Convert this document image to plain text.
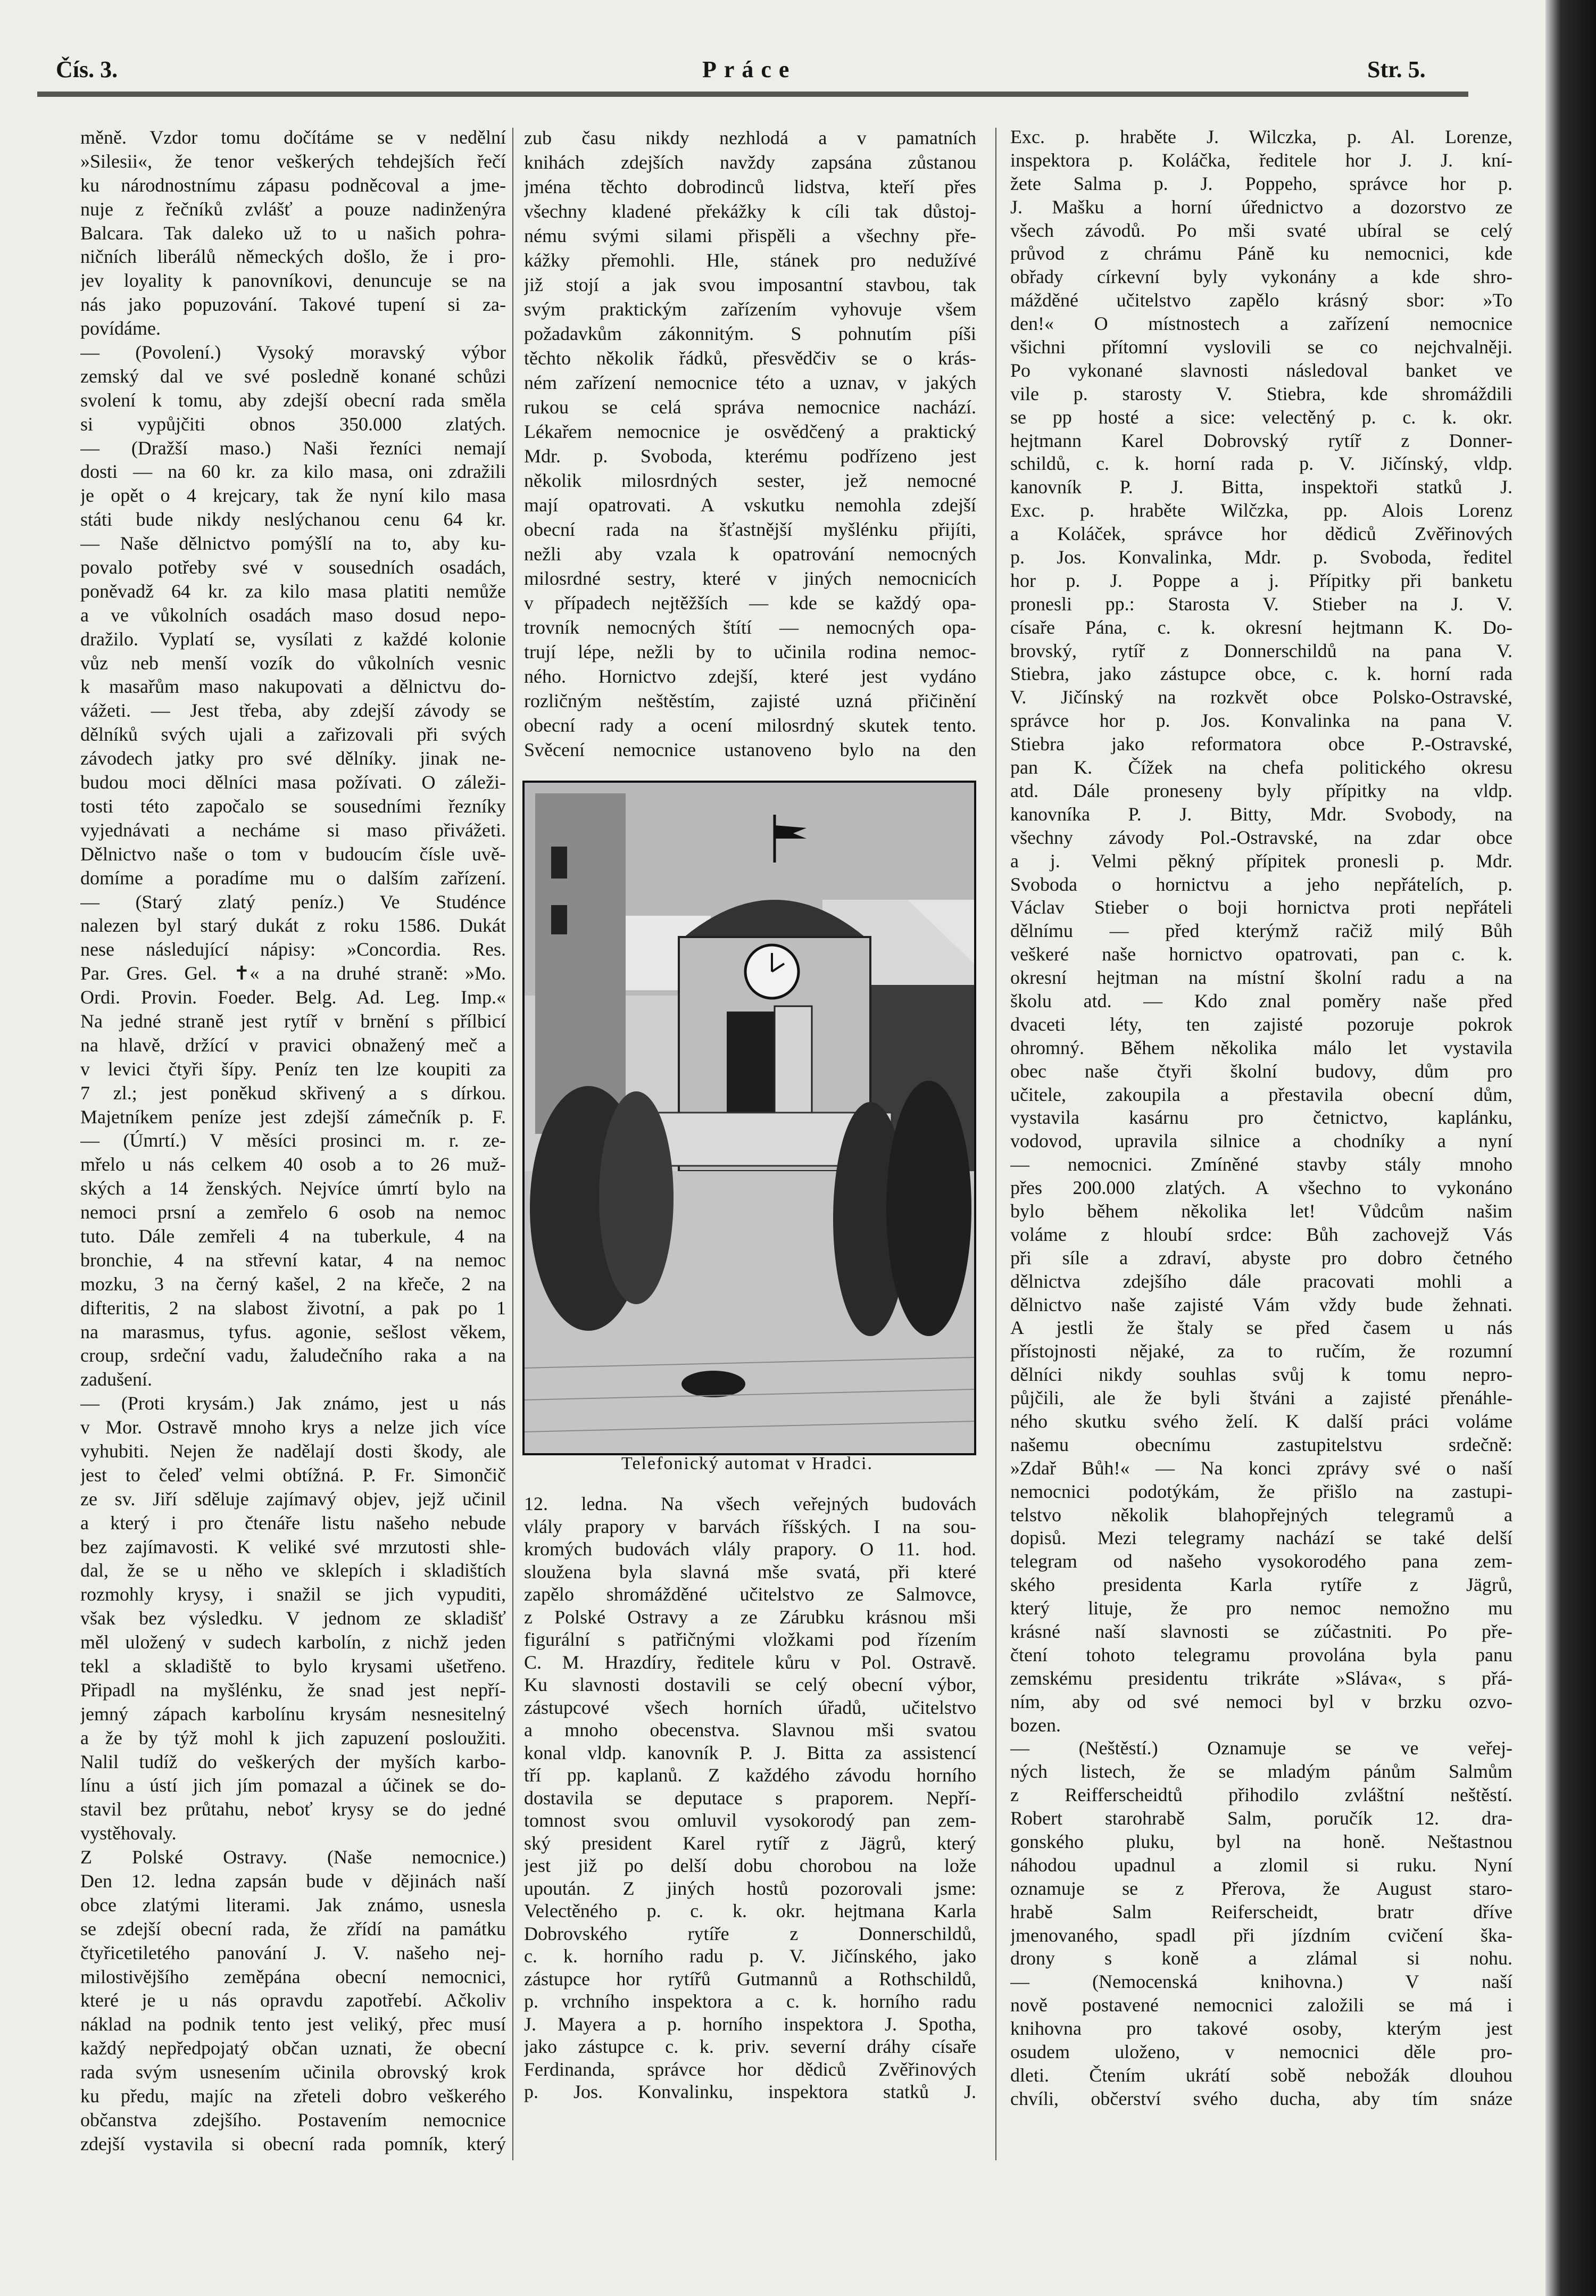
Čís. 3.	Práce	Str. 5.
měně. Vzdor tomu dočítáme se v nedělní
»Silesii«, že tenor veškerých tehdejších řečí
ku národnostnímu zápasu podněcoval a jme-
nuje z řečníků zvlášť a pouze nadinženýra
Balcara. Tak daleko už to u našich pohra-
ničních liberálů německých došlo, že i pro-
jev loyality k panovníkovi, denuncuje se na
nás jako popuzování. Takové tupení si za-
povídáme.
— (Povolení.) Vysoký moravský výbor
zemský dal ve své posledně konané schůzi
svolení k tomu, aby zdejší obecní rada směla
si vypůjčiti obnos 350.000 zlatých.
— (Dražší maso.) Naši řezníci nemají
dosti — na 60 kr. za kilo masa, oni zdražili
je opět o 4 krejcary, tak že nyní kilo masa
státi bude nikdy neslýchanou cenu 64 kr.
— Naše dělnictvo pomýšlí na to, aby ku-
povalo potřeby své v sousedních osadách,
poněvadž 64 kr. za kilo masa platiti nemůže
a ve vůkolních osadách maso dosud nepo-
dražilo. Vyplatí se, vysílati z každé kolonie
vůz neb menší vozík do vůkolních vesnic
k masařům maso nakupovati a dělnictvu do-
vážeti. — Jest třeba, aby zdejší závody se
dělníků svých ujali a zařizovali při svých
závodech jatky pro své dělníky. jinak ne-
budou moci dělníci masa požívati. O záleži-
tosti této započalo se sousedními řezníky
vyjednávati a necháme si maso přivážeti.
Dělnictvo naše o tom v budoucím čísle uvě-
domíme a poradíme mu o dalším zařízení.
— (Starý zlatý peníz.) Ve Studénce
nalezen byl starý dukát z roku 1586. Dukát
nese následující nápisy: »Concordia. Res.
Par. Gres. Gel. ✝« a na druhé straně: »Mo.
Ordi. Provin. Foeder. Belg. Ad. Leg. Imp.«
Na jedné straně jest rytíř v brnění s přílbicí
na hlavě, držící v pravici obnažený meč a
v levici čtyři šípy. Peníz ten lze koupiti za
7 zl.; jest poněkud skřivený a s dírkou.
Majetníkem peníze jest zdejší zámečník p. F.
— (Úmrtí.) V měsíci prosinci m. r. ze-
mřelo u nás celkem 40 osob a to 26 muž-
ských a 14 ženských. Nejvíce úmrtí bylo na
nemoci prsní a zemřelo 6 osob na nemoc
tuto. Dále zemřeli 4 na tuberkule, 4 na
bronchie, 4 na střevní katar, 4 na nemoc
mozku, 3 na černý kašel, 2 na křeče, 2 na
difteritis, 2 na slabost životní, a pak po 1
na marasmus, tyfus. agonie, sešlost věkem,
croup, srdeční vadu, žaludečního raka a na
zadušení.
— (Proti krysám.) Jak známo, jest u nás
v Mor. Ostravě mnoho krys a nelze jich více
vyhubiti. Nejen že nadělají dosti škody, ale
jest to čeleď velmi obtížná. P. Fr. Simončič
ze sv. Jiří sděluje zajímavý objev, jejž učinil
a který i pro čtenáře listu našeho nebude
bez zajímavosti. K veliké své mrzutosti shle-
dal, že se u něho ve sklepích i skladištích
rozmohly krysy, i snažil se jich vypuditi,
však bez výsledku. V jednom ze skladišť
měl uložený v sudech karbolín, z nichž jeden
tekl a skladiště to bylo krysami ušetřeno.
Připadl na myšlénku, že snad jest nepří-
jemný zápach karbolínu krysám nesnesitelný
a že by týž mohl k jich zapuzení posloužiti.
Nalil tudíž do veškerých der myších karbo-
línu a ústí jich jím pomazal a účinek se do-
stavil bez průtahu, neboť krysy se do jedné
vystěhovaly.
Z Polské Ostravy. (Naše nemocnice.)
Den 12. ledna zapsán bude v dějinách naší
obce zlatými literami. Jak známo, usnesla
se zdejší obecní rada, že zřídí na památku
čtyřicetiletého panování J. V. našeho nej-
milostivějšího zeměpána obecní nemocnici,
které je u nás opravdu zapotřebí. Ačkoliv
náklad na podnik tento jest veliký, přec musí
každý nepředpojatý občan uznati, že obecní
rada svým usnesením učinila obrovský krok
ku předu, majíc na zřeteli dobro veškerého
občanstva zdejšího. Postavením nemocnice
zdejší vystavila si obecní rada pomník, který
zub času nikdy nezhlodá a v pamatních
knihách zdejších navždy zapsána zůstanou
jména těchto dobrodinců lidstva, kteří přes
všechny kladené překážky k cíli tak důstoj-
nému svými silami přispěli a všechny pře-
kážky přemohli. Hle, stánek pro nedužívé
již stojí a jak svou imposantní stavbou, tak
svým praktickým zařízením vyhovuje všem
požadavkům zákonnitým. S pohnutím píši
těchto několik řádků, přesvědčiv se o krás-
ném zařízení nemocnice této a uznav, v jakých
rukou se celá správa nemocnice nachází.
Lékařem nemocnice je osvědčený a praktický
Mdr. p. Svoboda, kterému podřízeno jest
několik milosrdných sester, jež nemocné
mají opatrovati. A vskutku nemohla zdejší
obecní rada na šťastnější myšlénku přijíti,
nežli aby vzala k opatrování nemocných
milosrdné sestry, které v jiných nemocnicích
v případech nejtěžších — kde se každý opa-
trovník nemocných štítí — nemocných opa-
trují lépe, nežli by to učinila rodina nemoc-
ného. Hornictvo zdejší, které jest vydáno
rozličným neštěstím, zajisté uzná přičinění
obecní rady a ocení milosrdný skutek tento.
Svěcení nemocnice ustanoveno bylo na den
12. ledna. Na všech veřejných budovách
vlály prapory v barvách říšských. I na sou-
kromých budovách vlály prapory. O 11. hod.
sloužena byla slavná mše svatá, při které
zapělo shromážděné učitelstvo ze Salmovce,
z Polské Ostravy a ze Zárubku krásnou mši
figurální s patřičnými vložkami pod řízením
C. M. Hrazdíry, ředitele kůru v Pol. Ostravě.
Ku slavnosti dostavili se celý obecní výbor,
zástupcové všech horních úřadů, učitelstvo
a mnoho obecenstva. Slavnou mši svatou
konal vldp. kanovník P. J. Bitta za assistencí
tří pp. kaplanů. Z každého závodu horního
dostavila se deputace s praporem. Nepří-
tomnost svou omluvil vysokorodý pan zem-
ský president Karel rytíř z Jägrů, který
jest již po delší dobu chorobou na lože
upoután. Z jiných hostů pozorovali jsme:
Velectěného p. c. k. okr. hejtmana Karla
Dobrovského rytíře z Donnerschildů,
c. k. horního radu p. V. Jičínského, jako
zástupce hor rytířů Gutmannů a Rothschildů,
p. vrchního inspektora a c. k. horního radu
J. Mayera a p. horního inspektora J. Spotha,
jako zástupce c. k. priv. severní dráhy císaře
Ferdinanda, správce hor dědiců Zvěřinových
p. Jos. Konvalinku, inspektora statků J.
Exc. p. hraběte J. Wilczka, p. Al. Lorenze,
inspektora p. Koláčka, ředitele hor J. J. kní-
žete Salma p. J. Poppeho, správce hor p.
J. Mašku a horní úřednictvo a dozorstvo ze
všech závodů. Po mši svaté ubíral se celý
průvod z chrámu Páně ku nemocnici, kde
obřady církevní byly vykonány a kde shro-
mážděné učitelstvo zapělo krásný sbor: »To
den!« O místnostech a zařízení nemocnice
všichni přítomní vyslovili se co nejchvalněji.
Po vykonané slavnosti následoval banket ve
vile p. starosty V. Stiebra, kde shromáždili
se pp hosté a sice: velectěný p. c. k. okr.
hejtmann Karel Dobrovský rytíř z Donner-
schildů, c. k. horní rada p. V. Jičínský, vldp.
kanovník P. J. Bitta, inspektoři statků J.
Exc. p. hraběte Wilčzka, pp. Alois Lorenz
a Koláček, správce hor dědiců Zvěřinových
p. Jos. Konvalinka, Mdr. p. Svoboda, ředitel
hor p. J. Poppe a j. Přípitky při banketu
pronesli pp.: Starosta V. Stieber na J. V.
císaře Pána, c. k. okresní hejtmann K. Do-
brovský, rytíř z Donnerschildů na pana V.
Stiebra, jako zástupce obce, c. k. horní rada
V. Jičínský na rozkvět obce Polsko-Ostravské,
správce hor p. Jos. Konvalinka na pana V.
Stiebra jako reformatora obce P.-Ostravské,
pan K. Čížek na chefa politického okresu
atd. Dále proneseny byly přípitky na vldp.
kanovníka P. J. Bitty, Mdr. Svobody, na
všechny závody Pol.-Ostravské, na zdar obce
a j. Velmi pěkný přípitek pronesli p. Mdr.
Svoboda o hornictvu a jeho nepřátelích, p.
Václav Stieber o boji hornictva proti nepřáteli
dělnímu — před kterýmž račiž milý Bůh
veškeré naše hornictvo opatrovati, pan c. k.
okresní hejtman na místní školní radu a na
školu atd. — Kdo znal poměry naše před
dvaceti léty, ten zajisté pozoruje pokrok
ohromný. Během několika málo let vystavila
obec naše čtyři školní budovy, dům pro
učitele, zakoupila a přestavila obecní dům,
vystavila kasárnu pro četnictvo, kaplánku,
vodovod, upravila silnice a chodníky a nyní
— nemocnici. Zmíněné stavby stály mnoho
přes 200.000 zlatých. A všechno to vykonáno
bylo během několika let! Vůdcům našim
voláme z hloubí srdce: Bůh zachovejž Vás
při síle a zdraví, abyste pro dobro četného
dělnictva zdejšího dále pracovati mohli a
dělnictvo naše zajisté Vám vždy bude žehnati.
A jestli že štaly se před časem u nás
přístojnosti nějaké, za to ručím, že rozumní
dělníci nikdy souhlas svůj k tomu nepro-
půjčili, ale že byli štváni a zajisté přenáhle-
ného skutku svého želí. K další práci voláme
našemu obecnímu zastupitelstvu srdečně:
»Zdař Bůh!« — Na konci zprávy své o naší
nemocnici podotýkám, že přišlo na zastupi-
telstvo několik blahopřejných telegramů a
dopisů. Mezi telegramy nachází se také delší
telegram od našeho vysokorodého pana zem-
ského presidenta Karla rytíře z Jägrů,
který lituje, že pro nemoc nemožno mu
krásné naší slavnosti se zúčastniti. Po pře-
čtení tohoto telegramu provolána byla panu
zemskému presidentu trikráte »Sláva«, s přá-
ním, aby od své nemoci byl v brzku ozvo-
bozen.
— (Neštěstí.) Oznamuje se ve veřej-
ných listech, že se mladým pánům Salmům
z Reifferscheidtů přihodilo zvláštní neštěstí.
Robert starohrabě Salm, poručík 12. dra-
gonského pluku, byl na honě. Neštastnou
náhodou upadnul a zlomil si ruku. Nyní
oznamuje se z Přerova, že August staro-
hrabě Salm Reiferscheidt, bratr dříve
jmenovaného, spadl při jízdním cvičení ška-
drony s koně a zlámal si nohu.
— (Nemocenská knihovna.) V naší
nově postavené nemocnici založili se má i
knihovna pro takové osoby, kterým jest
osudem uloženo, v nemocnici děle pro-
dleti. Čtením ukrátí sobě nebožák dlouhou
chvíli, občerství svého ducha, aby tím snáze
Telefonický automat v Hradci.
